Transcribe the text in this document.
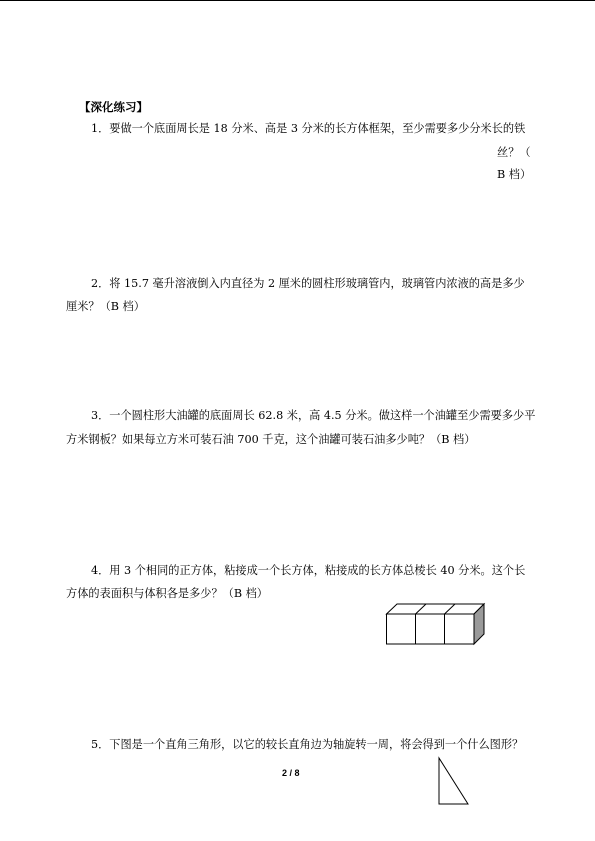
【深化练习】
1．要做一个底面周长是 18 分米、高是 3 分米的长方体框架，至少需要多少分米长的铁
丝？（
B 档）
2．将 15.7 毫升溶液倒入内直径为 2 厘米的圆柱形玻璃管内，玻璃管内浓液的高是多少
厘米？（B 档）
3．一个圆柱形大油罐的底面周长 62.8 米，高 4.5 分米。做这样一个油罐至少需要多少平
方米钢板？如果每立方米可装石油 700 千克，这个油罐可装石油多少吨？（B 档）
4．用 3 个相同的正方体，粘接成一个长方体，粘接成的长方体总棱长 40 分米。这个长
方体的表面积与体积各是多少？（B 档）
5．下图是一个直角三角形，以它的较长直角边为轴旋转一周，将会得到一个什么图形？
2 / 8
